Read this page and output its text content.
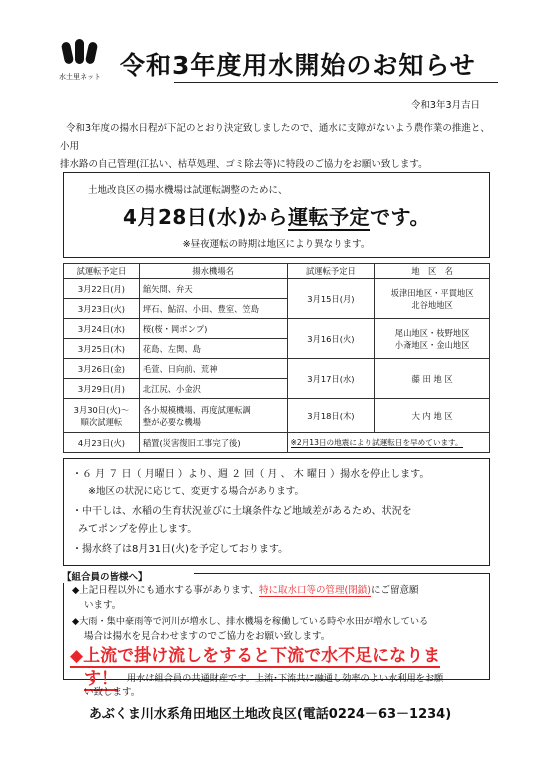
水土里ネット 令和3年度用水開始のお知らせ
令和3年3月吉日
令和3年度の揚水日程が下記のとおり決定致しましたので、通水に支障がないよう農作業の推進と、小用
排水路の自己管理(江払い、枯草処理、ゴミ除去等)に特段のご協力をお願い致します。
土地改良区の揚水機場は試運転調整のために、
4月28日(水)から運転予定です。
※昼夜運転の時期は地区により異なります。
試運転予定日	揚水機場名	試運転予定日	地　区　名
3月22日(月)	舘矢間、弁天	3月15日(月)	坂津田地区・平貫地区
北谷地地区
3月23日(火)	坪石、鮎沼、小田、豊室、笠島		
3月24日(水)	桜(桜・岡ポンプ)	3月16日(火)	尾山地区・枝野地区
小斎地区・金山地区
3月25日(木)	花島、左関、島		
3月26日(金)	毛萱、日向前、荒神	3月17日(水)	藤 田 地 区
3月29日(月)	北江尻、小金沢		
3月30日(火)～順次試運転	各小規模機場、再度試運転調整が必要な機場	3月18日(木)	大 内 地 区
4月23日(火)	稲置(災害復旧工事完了後)	※2月13日の地震により試運転日を早めています。	
・６ 月 ７ 日（ 月曜日 ）より、週 ２ 回（ 月 、 木 曜日 ）揚水を停止します。
※地区の状況に応じて、変更する場合があります。
・中干しは、水稲の生育状況並びに土壌条件など地域差があるため、状況を
みてポンプを停止します。
・揚水終了は8月31日(火)を予定しております。
◆上記日程以外にも通水する事があります、特に取水口等の管理(閉鎖)にご留意願
います。
◆大雨・集中豪雨等で河川が増水し、排水機場を稼働している時や水田が増水している
場合は揚水を見合わせますのでご協力をお願い致します。
◆上流で掛け流しをすると下流で水不足になりま
す！ 用水は組合員の共通財産です。上流･下流共に融通し効率のよい水利用をお願
【組合員の皆様へ】
い致します。
あぶくま川水系角田地区土地改良区(電話0224－63－1234)
